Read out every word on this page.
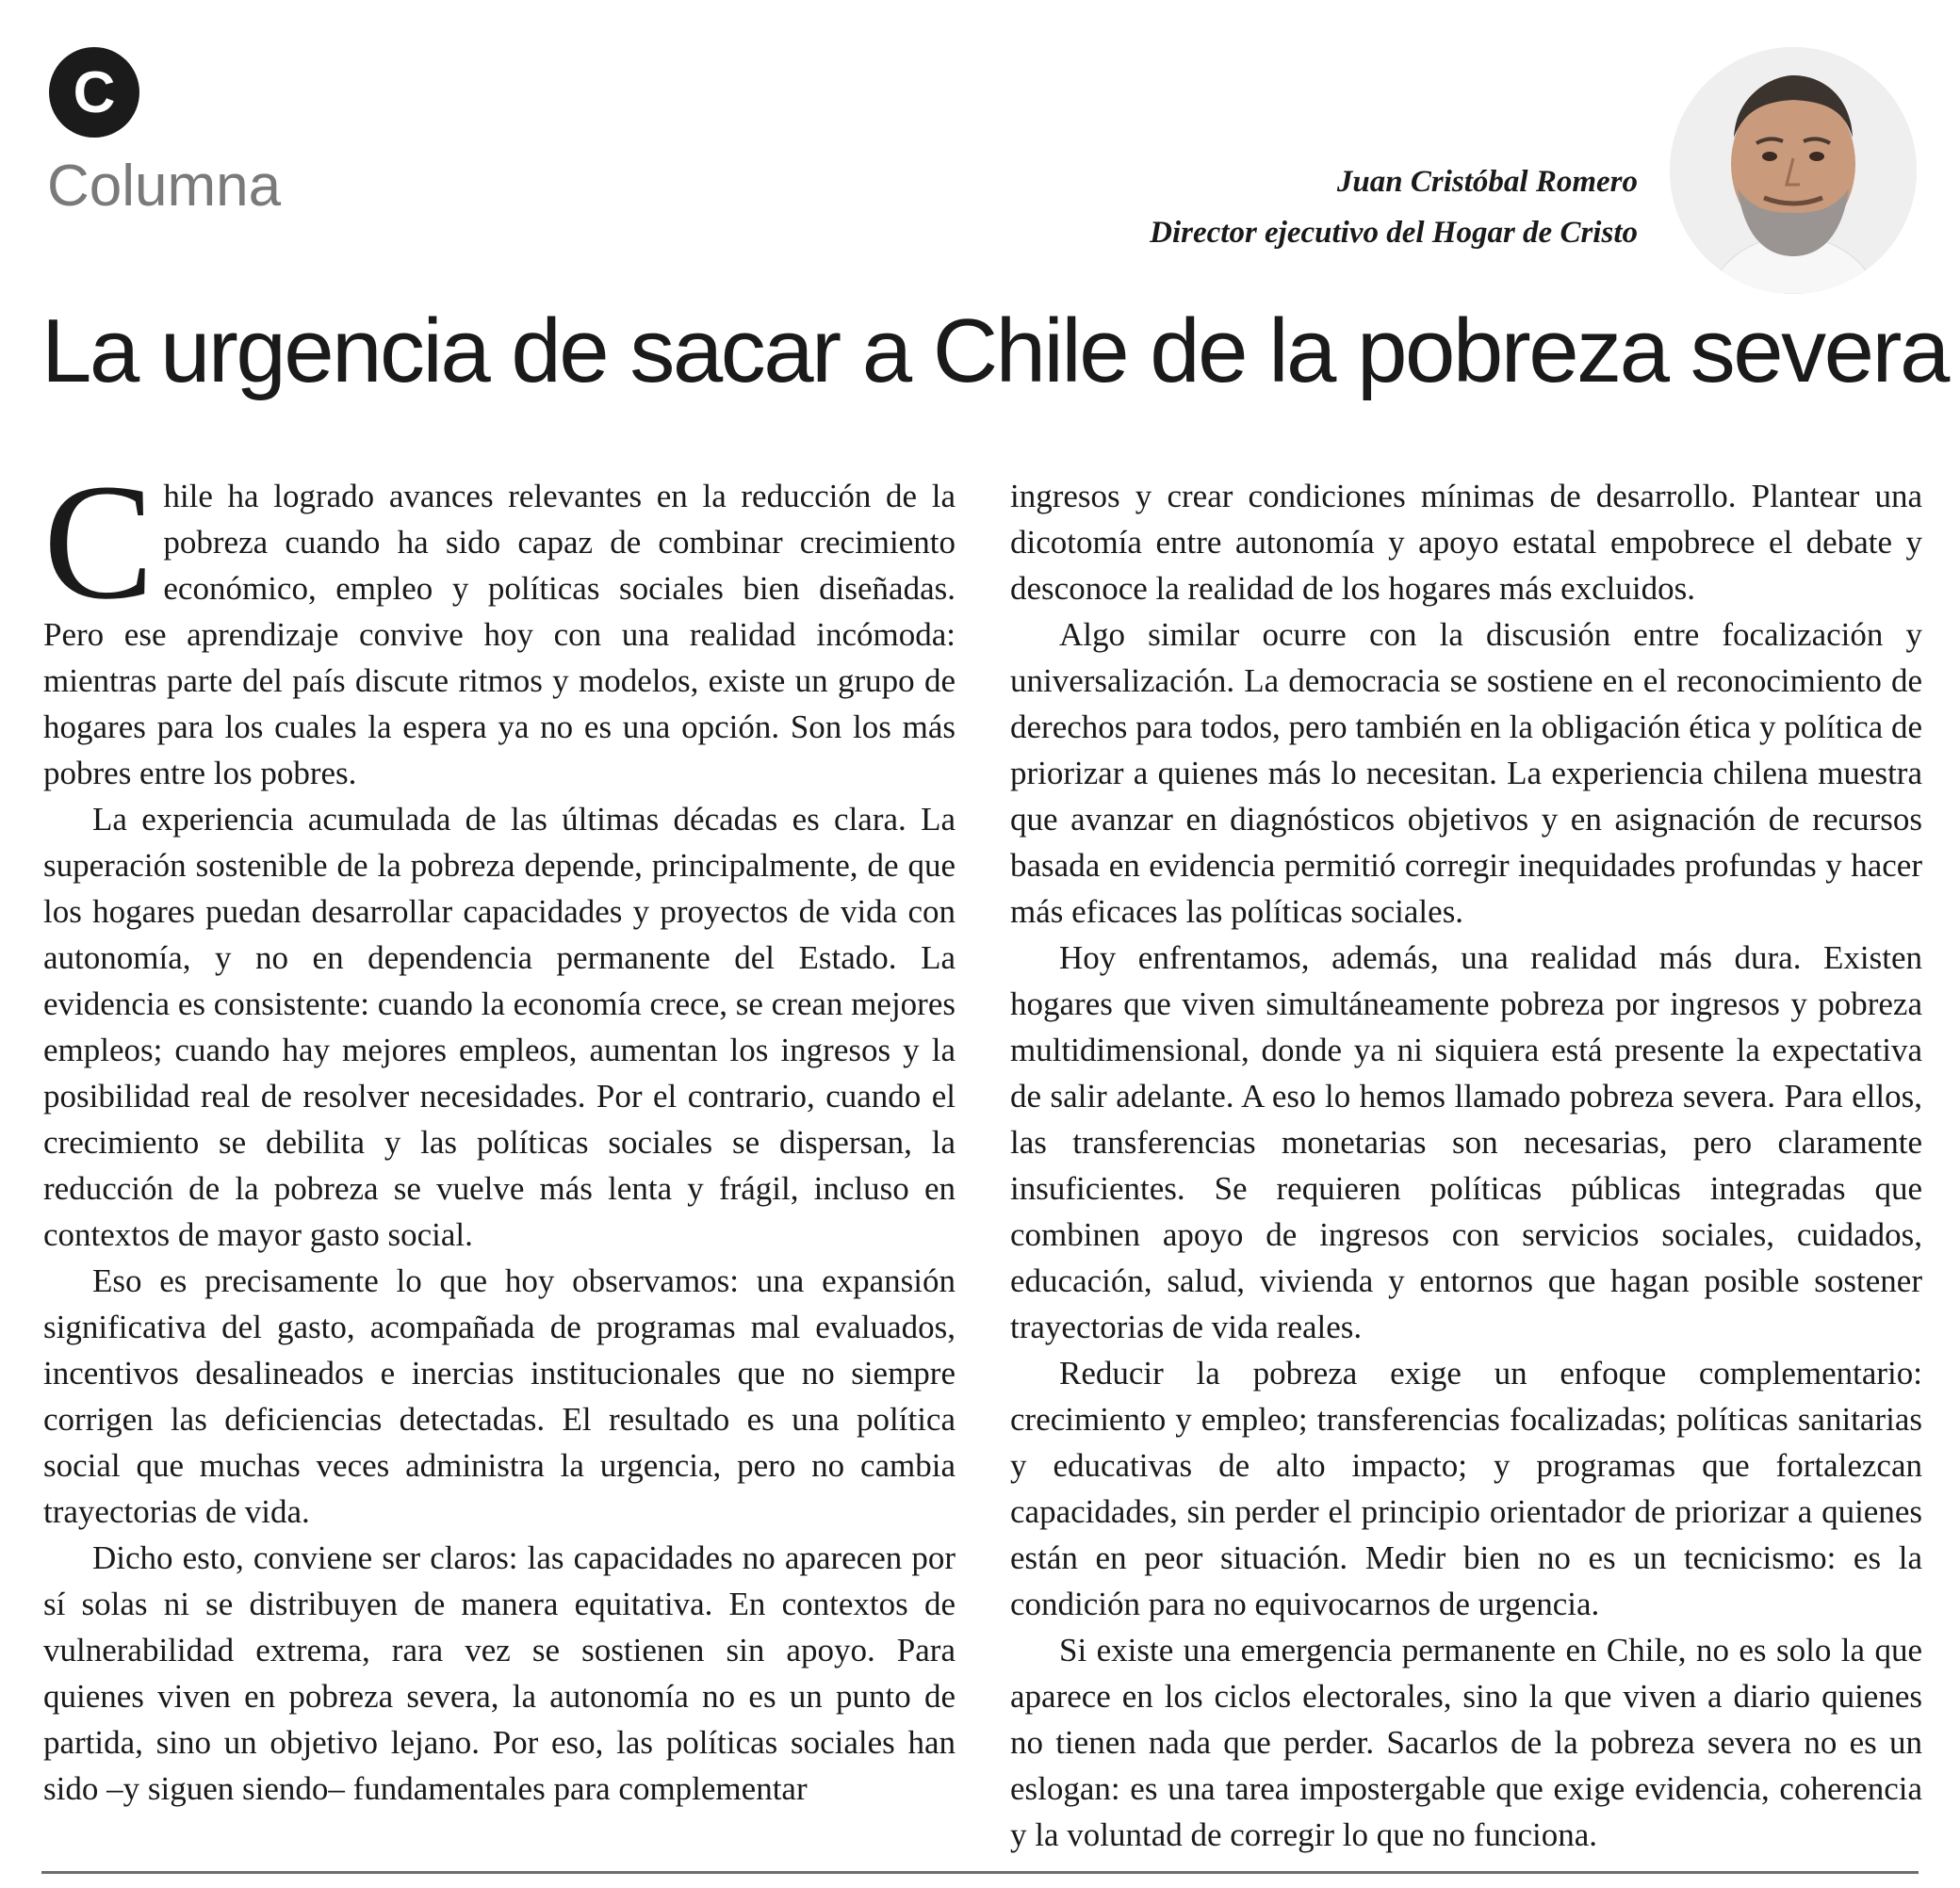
C
Columna	Juan Cristóbal Romero
Director ejecutivo del Hogar de Cristo
La urgencia de sacar a Chile de la pobreza severa

Chile ha logrado avances relevantes en la reducción de la pobreza cuando ha sido capaz de combinar crecimiento económico, empleo y políticas sociales bien diseñadas. Pero ese aprendizaje convive hoy con una realidad incómoda: mientras parte del país discute ritmos y modelos, existe un grupo de hogares para los cuales la espera ya no es una opción. Son los más pobres entre los pobres.

La experiencia acumulada de las últimas décadas es clara. La superación sostenible de la pobreza depende, principalmente, de que los hogares puedan desarrollar capacidades y proyectos de vida con autonomía, y no en dependencia permanente del Estado. La evidencia es consistente: cuando la economía crece, se crean mejores empleos; cuando hay mejores empleos, aumentan los ingresos y la posibilidad real de resolver necesidades. Por el contrario, cuando el crecimiento se debilita y las políticas sociales se dispersan, la reducción de la pobreza se vuelve más lenta y frágil, incluso en contextos de mayor gasto social.

Eso es precisamente lo que hoy observamos: una expansión significativa del gasto, acompañada de programas mal evaluados, incentivos desalineados e inercias institucionales que no siempre corrigen las deficiencias detectadas. El resultado es una política social que muchas veces administra la urgencia, pero no cambia trayectorias de vida.

Dicho esto, conviene ser claros: las capacidades no aparecen por sí solas ni se distribuyen de manera equitativa. En contextos de vulnerabilidad extrema, rara vez se sostienen sin apoyo. Para quienes viven en pobreza severa, la autonomía no es un punto de partida, sino un objetivo lejano. Por eso, las políticas sociales han sido –y siguen siendo– fundamentales para complementar

ingresos y crear condiciones mínimas de desarrollo. Plantear una dicotomía entre autonomía y apoyo estatal empobrece el debate y desconoce la realidad de los hogares más excluidos.

Algo similar ocurre con la discusión entre focalización y universalización. La democracia se sostiene en el reconocimiento de derechos para todos, pero también en la obligación ética y política de priorizar a quienes más lo necesitan. La experiencia chilena muestra que avanzar en diagnósticos objetivos y en asignación de recursos basada en evidencia permitió corregir inequidades profundas y hacer más eficaces las políticas sociales.

Hoy enfrentamos, además, una realidad más dura. Existen hogares que viven simultáneamente pobreza por ingresos y pobreza multidimensional, donde ya ni siquiera está presente la expectativa de salir adelante. A eso lo hemos llamado pobreza severa. Para ellos, las transferencias monetarias son necesarias, pero claramente insuficientes. Se requieren políticas públicas integradas que combinen apoyo de ingresos con servicios sociales, cuidados, educación, salud, vivienda y entornos que hagan posible sostener trayectorias de vida reales.

Reducir la pobreza exige un enfoque complementario: crecimiento y empleo; transferencias focalizadas; políticas sanitarias y educativas de alto impacto; y programas que fortalezcan capacidades, sin perder el principio orientador de priorizar a quienes están en peor situación. Medir bien no es un tecnicismo: es la condición para no equivocarnos de urgencia.

Si existe una emergencia permanente en Chile, no es solo la que aparece en los ciclos electorales, sino la que viven a diario quienes no tienen nada que perder. Sacarlos de la pobreza severa no es un eslogan: es una tarea impostergable que exige evidencia, coherencia y la voluntad de corregir lo que no funciona.
